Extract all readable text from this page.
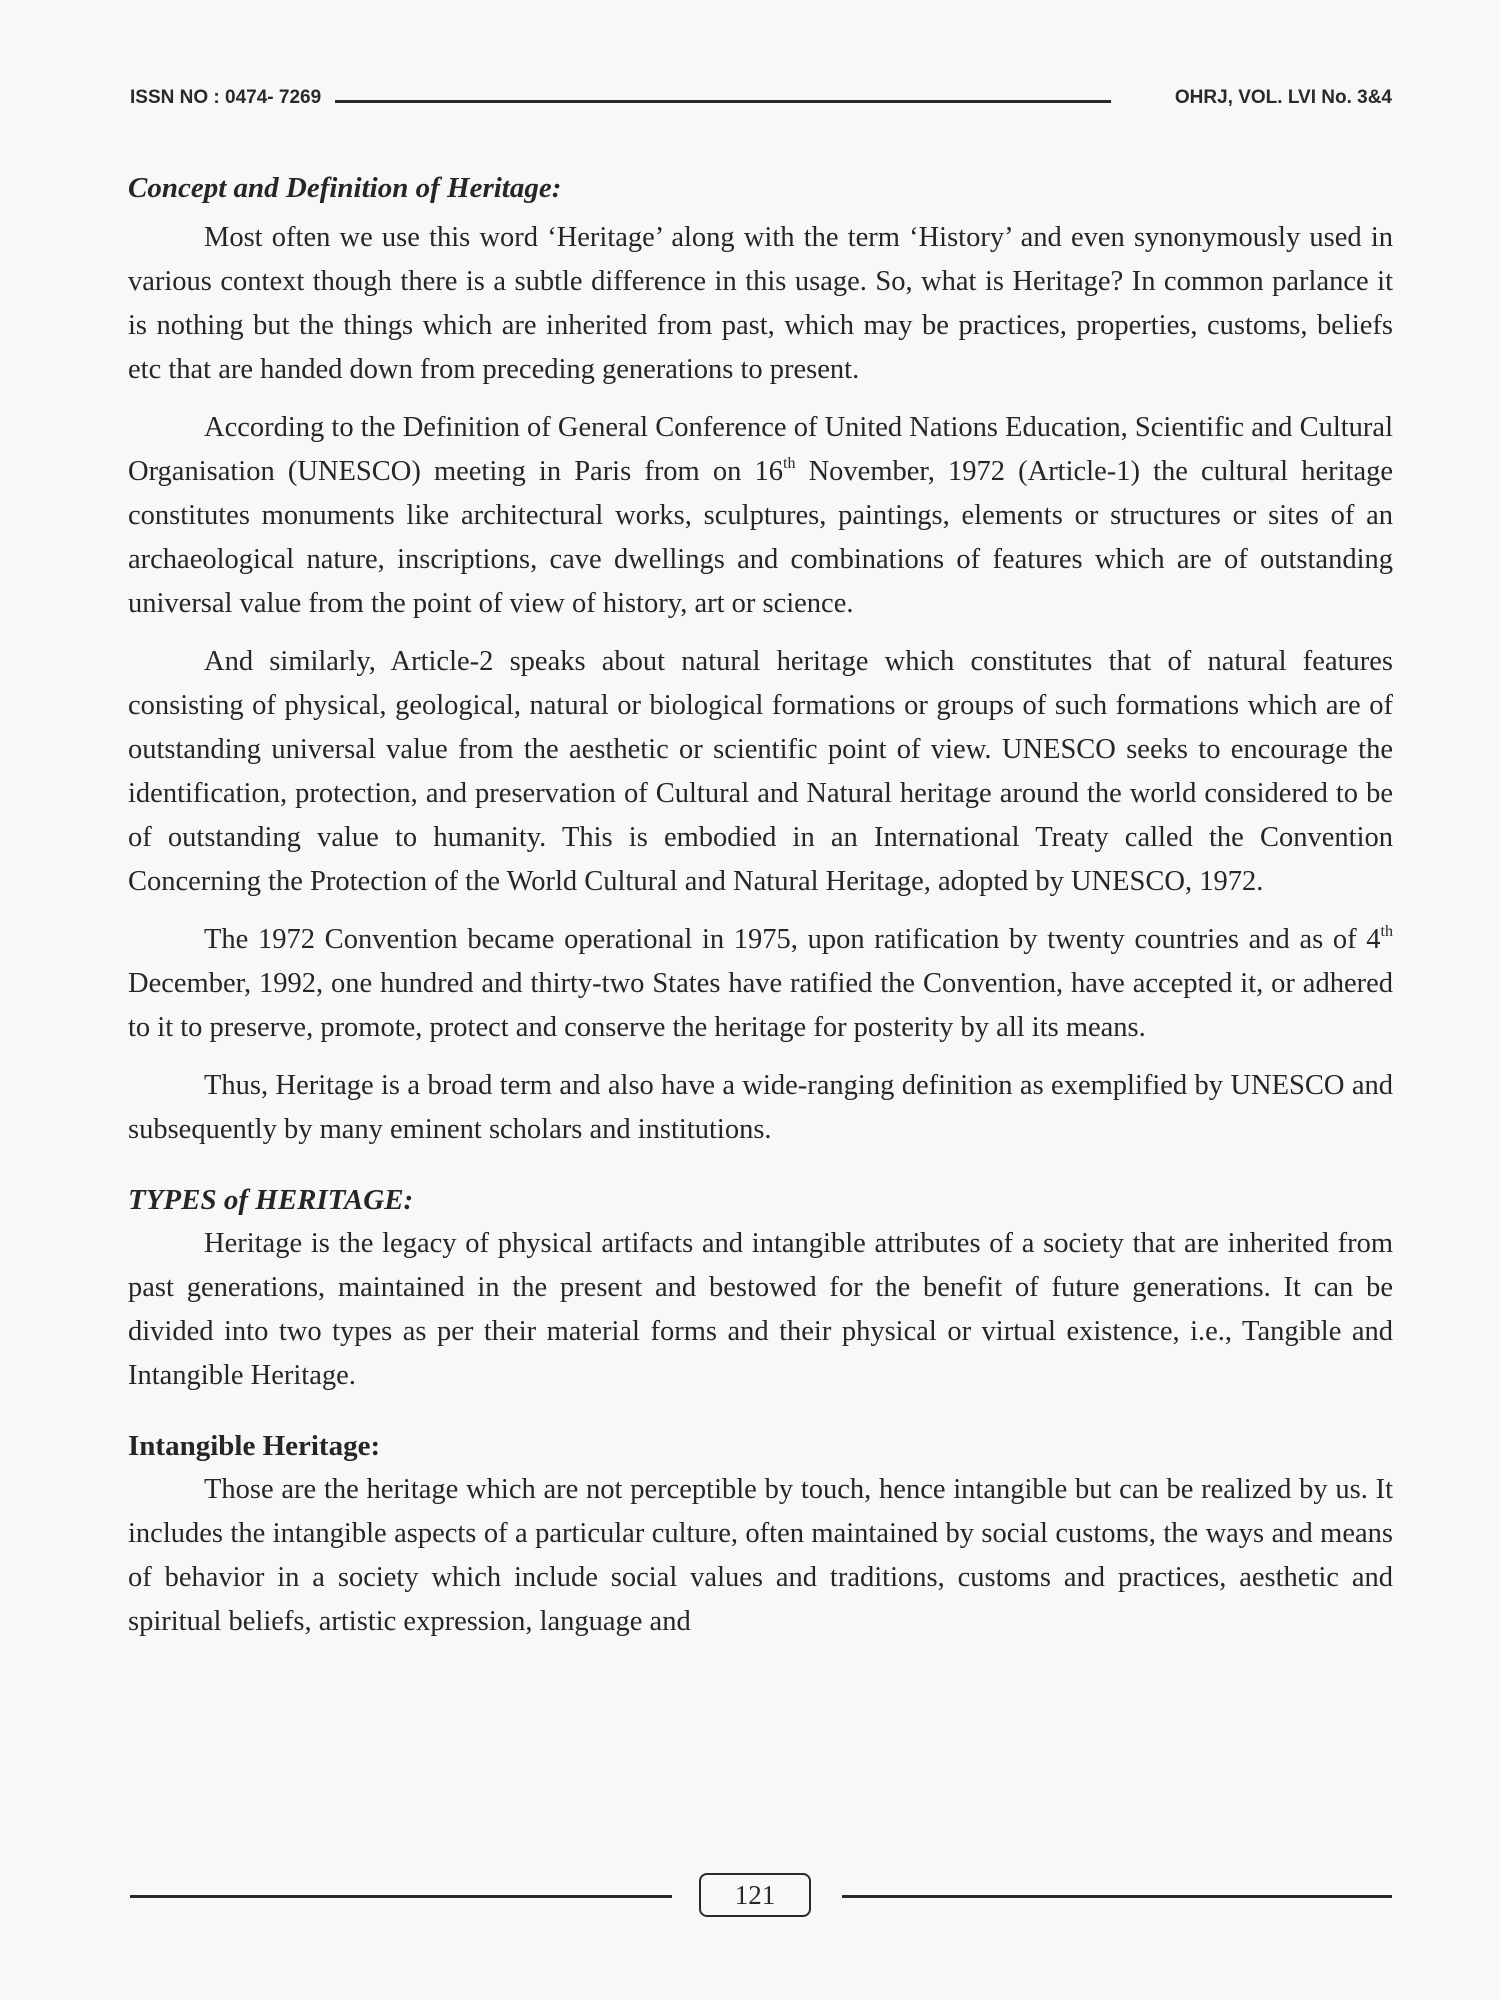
ISSN NO : 0474- 7269	OHRJ, VOL. LVI No. 3&4
Concept and Definition of Heritage:

Most often we use this word ‘Heritage’ along with the term ‘History’ and even synonymously used in various context though there is a subtle difference in this usage. So, what is Heritage? In common parlance it is nothing but the things which are inherited from past, which may be practices, properties, customs, beliefs etc that are handed down from preceding generations to present.

According to the Definition of General Conference of United Nations Education, Scientific and Cultural Organisation (UNESCO) meeting in Paris from on 16th November, 1972 (Article-1) the cultural heritage constitutes monuments like architectural works, sculptures, paintings, elements or structures or sites of an archaeological nature, inscriptions, cave dwellings and combinations of features which are of outstanding universal value from the point of view of history, art or science.

And similarly, Article-2 speaks about natural heritage which constitutes that of natural features consisting of physical, geological, natural or biological formations or groups of such formations which are of outstanding universal value from the aesthetic or scientific point of view. UNESCO seeks to encourage the identification, protection, and preservation of Cultural and Natural heritage around the world considered to be of outstanding value to humanity. This is embodied in an International Treaty called the Convention Concerning the Protection of the World Cultural and Natural Heritage, adopted by UNESCO, 1972.

The 1972 Convention became operational in 1975, upon ratification by twenty countries and as of 4th December, 1992, one hundred and thirty-two States have ratified the Convention, have accepted it, or adhered to it to preserve, promote, protect and conserve the heritage for posterity by all its means.

Thus, Heritage is a broad term and also have a wide-ranging definition as exemplified by UNESCO and subsequently by many eminent scholars and institutions.

TYPES of HERITAGE:

Heritage is the legacy of physical artifacts and intangible attributes of a society that are inherited from past generations, maintained in the present and bestowed for the benefit of future generations. It can be divided into two types as per their material forms and their physical or virtual existence, i.e., Tangible and Intangible Heritage.

Intangible Heritage:

Those are the heritage which are not perceptible by touch, hence intangible but can be realized by us. It includes the intangible aspects of a particular culture, often maintained by social customs, the ways and means of behavior in a society which include social values and traditions, customs and practices, aesthetic and spiritual beliefs, artistic expression, language and

121
